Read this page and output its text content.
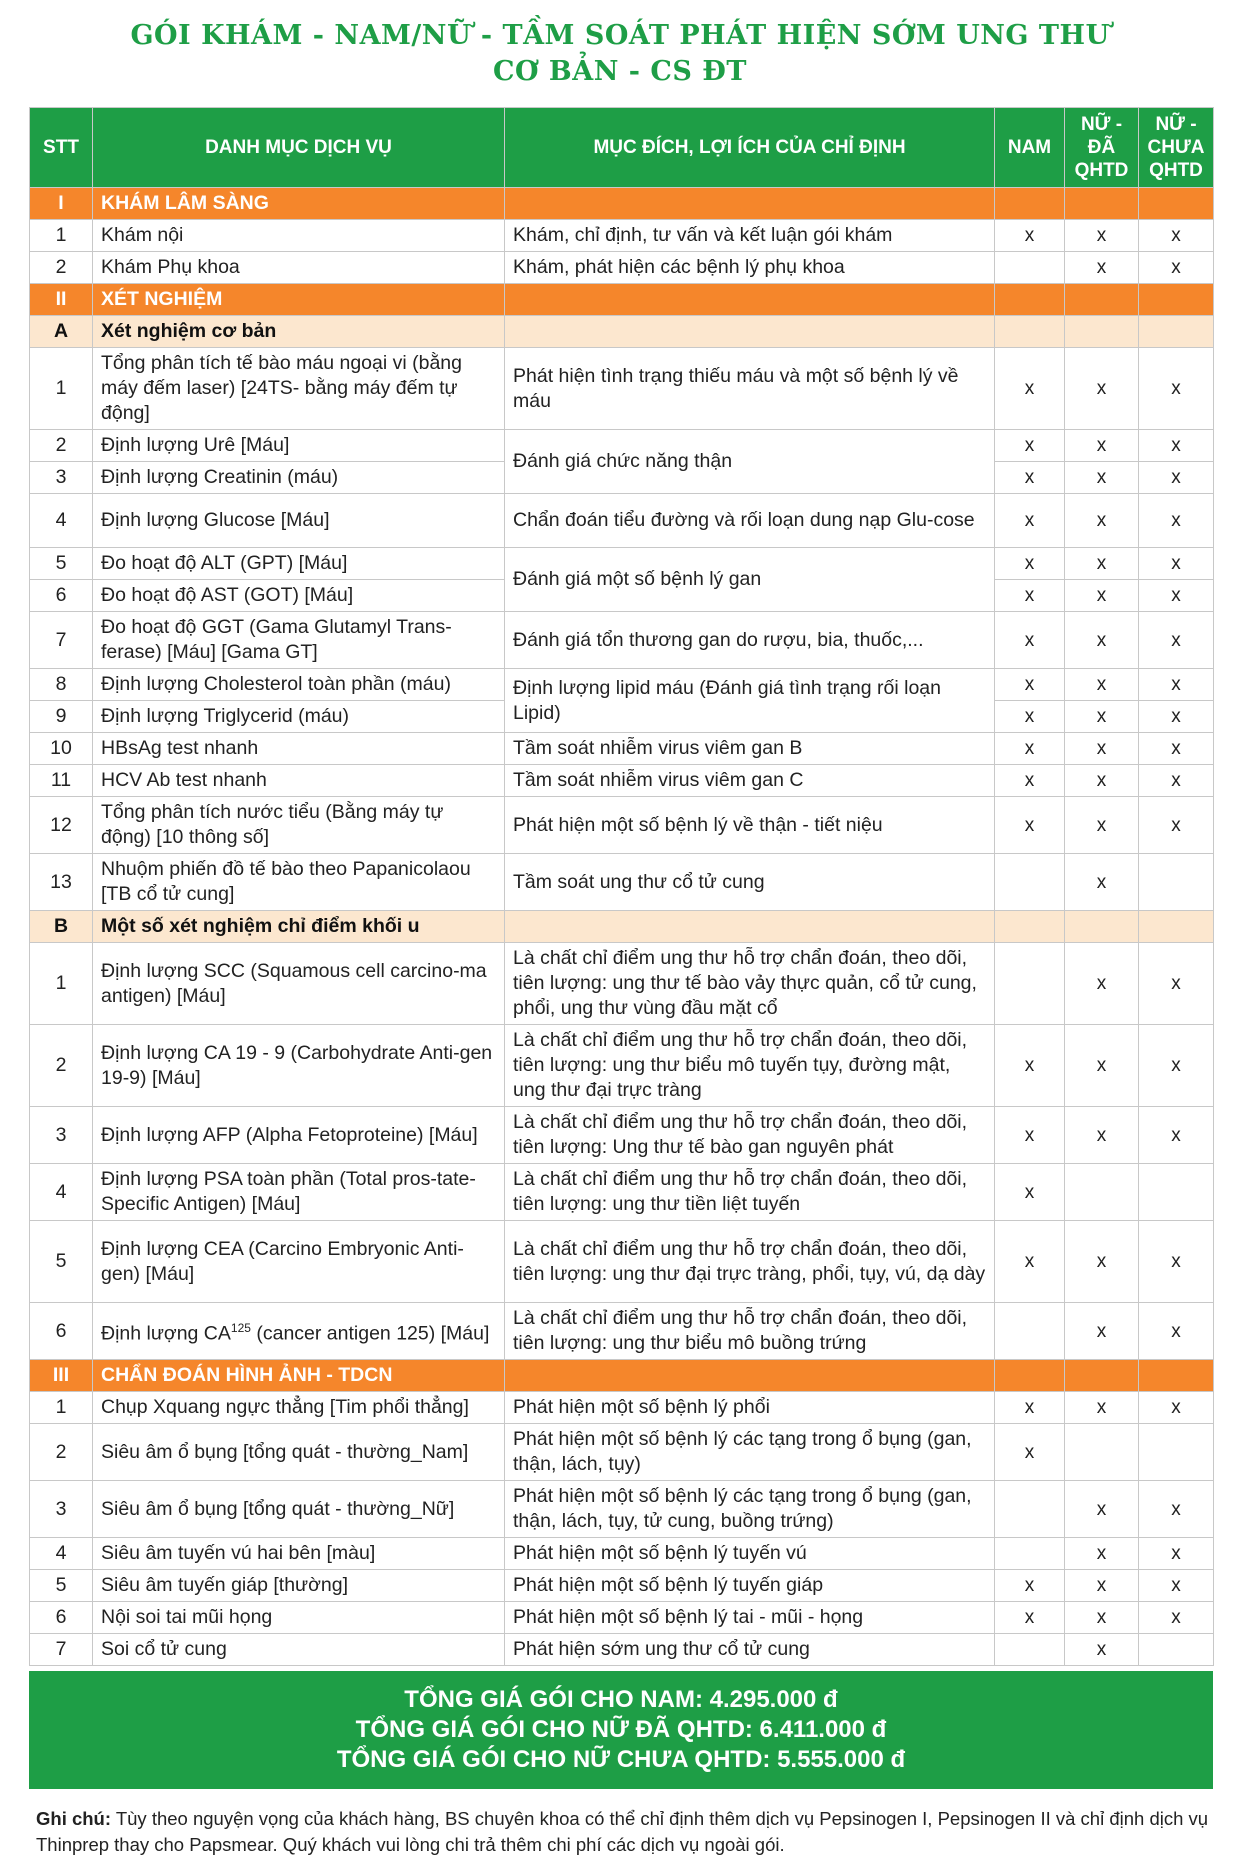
GÓI KHÁM - NAM/NỮ - TẦM SOÁT PHÁT HIỆN SỚM UNG THƯ
CƠ BẢN - CS ĐT
STT	DANH MỤC DỊCH VỤ	MỤC ĐÍCH, LỢI ÍCH CỦA CHỈ ĐỊNH	NAM	NỮ - ĐÃ QHTD	NỮ - CHƯA QHTD
I	KHÁM LÂM SÀNG				
1	Khám nội	Khám, chỉ định, tư vấn và kết luận gói khám	x	x	x
2	Khám Phụ khoa	Khám, phát hiện các bệnh lý phụ khoa		x	x
II	XÉT NGHIỆM				
A	Xét nghiệm cơ bản				
1	Tổng phân tích tế bào máu ngoại vi (bằng máy đếm laser) [24TS- bằng máy đếm tự động]	Phát hiện tình trạng thiếu máu và một số bệnh lý về máu	x	x	x
2	Định lượng Urê [Máu]	Đánh giá chức năng thận	x	x	x
3	Định lượng Creatinin (máu)		x	x	x
4	Định lượng Glucose [Máu]	Chẩn đoán tiểu đường và rối loạn dung nạp Glu-cose	x	x	x
5	Đo hoạt độ ALT (GPT) [Máu]	Đánh giá một số bệnh lý gan	x	x	x
6	Đo hoạt độ AST (GOT) [Máu]		x	x	x
7	Đo hoạt độ GGT (Gama Glutamyl Trans-ferase) [Máu] [Gama GT]	Đánh giá tổn thương gan do rượu, bia, thuốc,...	x	x	x
8	Định lượng Cholesterol toàn phần (máu)	Định lượng lipid máu (Đánh giá tình trạng rối loạn Lipid)	x	x	x
9	Định lượng Triglycerid (máu)		x	x	x
10	HBsAg test nhanh	Tầm soát nhiễm virus viêm gan B	x	x	x
11	HCV Ab test nhanh	Tầm soát nhiễm virus viêm gan C	x	x	x
12	Tổng phân tích nước tiểu (Bằng máy tự động) [10 thông số]	Phát hiện một số bệnh lý về thận - tiết niệu	x	x	x
13	Nhuộm phiến đồ tế bào theo Papanicolaou [TB cổ tử cung]	Tầm soát ung thư cổ tử cung		x	
B	Một số xét nghiệm chỉ điểm khối u				
1	Định lượng SCC (Squamous cell carcino-ma antigen) [Máu]	Là chất chỉ điểm ung thư hỗ trợ chẩn đoán, theo dõi, tiên lượng: ung thư tế bào vảy thực quản, cổ tử cung, phổi, ung thư vùng đầu mặt cổ		x	x
2	Định lượng CA 19 - 9 (Carbohydrate Anti-gen 19-9) [Máu]	Là chất chỉ điểm ung thư hỗ trợ chẩn đoán, theo dõi, tiên lượng: ung thư biểu mô tuyến tụy, đường mật, ung thư đại trực tràng	x	x	x
3	Định lượng AFP (Alpha Fetoproteine) [Máu]	Là chất chỉ điểm ung thư hỗ trợ chẩn đoán, theo dõi, tiên lượng: Ung thư tế bào gan nguyên phát	x	x	x
4	Định lượng PSA toàn phần (Total pros-tate-Specific Antigen) [Máu]	Là chất chỉ điểm ung thư hỗ trợ chẩn đoán, theo dõi, tiên lượng: ung thư tiền liệt tuyến	x		
5	Định lượng CEA (Carcino Embryonic Anti-gen) [Máu]	Là chất chỉ điểm ung thư hỗ trợ chẩn đoán, theo dõi, tiên lượng: ung thư đại trực tràng, phổi, tụy, vú, dạ dày	x	x	x
6	Định lượng CA$^{125}$ (cancer antigen 125) [Máu]	Là chất chỉ điểm ung thư hỗ trợ chẩn đoán, theo dõi, tiên lượng: ung thư biểu mô buồng trứng		x	x
III	CHẨN ĐOÁN HÌNH ẢNH - TDCN				
1	Chụp Xquang ngực thẳng [Tim phổi thẳng]	Phát hiện một số bệnh lý phổi	x	x	x
2	Siêu âm ổ bụng [tổng quát - thường_Nam]	Phát hiện một số bệnh lý các tạng trong ổ bụng (gan, thận, lách, tụy)	x		
3	Siêu âm ổ bụng [tổng quát - thường_Nữ]	Phát hiện một số bệnh lý các tạng trong ổ bụng (gan, thận, lách, tụy, tử cung, buồng trứng)		x	x
4	Siêu âm tuyến vú hai bên [màu]	Phát hiện một số bệnh lý tuyến vú		x	x
5	Siêu âm tuyến giáp [thường]	Phát hiện một số bệnh lý tuyến giáp	x	x	x
6	Nội soi tai mũi họng	Phát hiện một số bệnh lý tai - mũi - họng	x	x	x
7	Soi cổ tử cung	Phát hiện sớm ung thư cổ tử cung		x	
TỔNG GIÁ GÓI CHO NAM: 4.295.000 đ
TỔNG GIÁ GÓI CHO NỮ ĐÃ QHTD: 6.411.000 đ
TỔNG GIÁ GÓI CHO NỮ CHƯA QHTD: 5.555.000 đ
Ghi chú: Tùy theo nguyện vọng của khách hàng, BS chuyên khoa có thể chỉ định thêm dịch vụ Pepsinogen I, Pepsinogen II và chỉ định dịch vụ Thinprep thay cho Papsmear. Quý khách vui lòng chi trả thêm chi phí các dịch vụ ngoài gói.
